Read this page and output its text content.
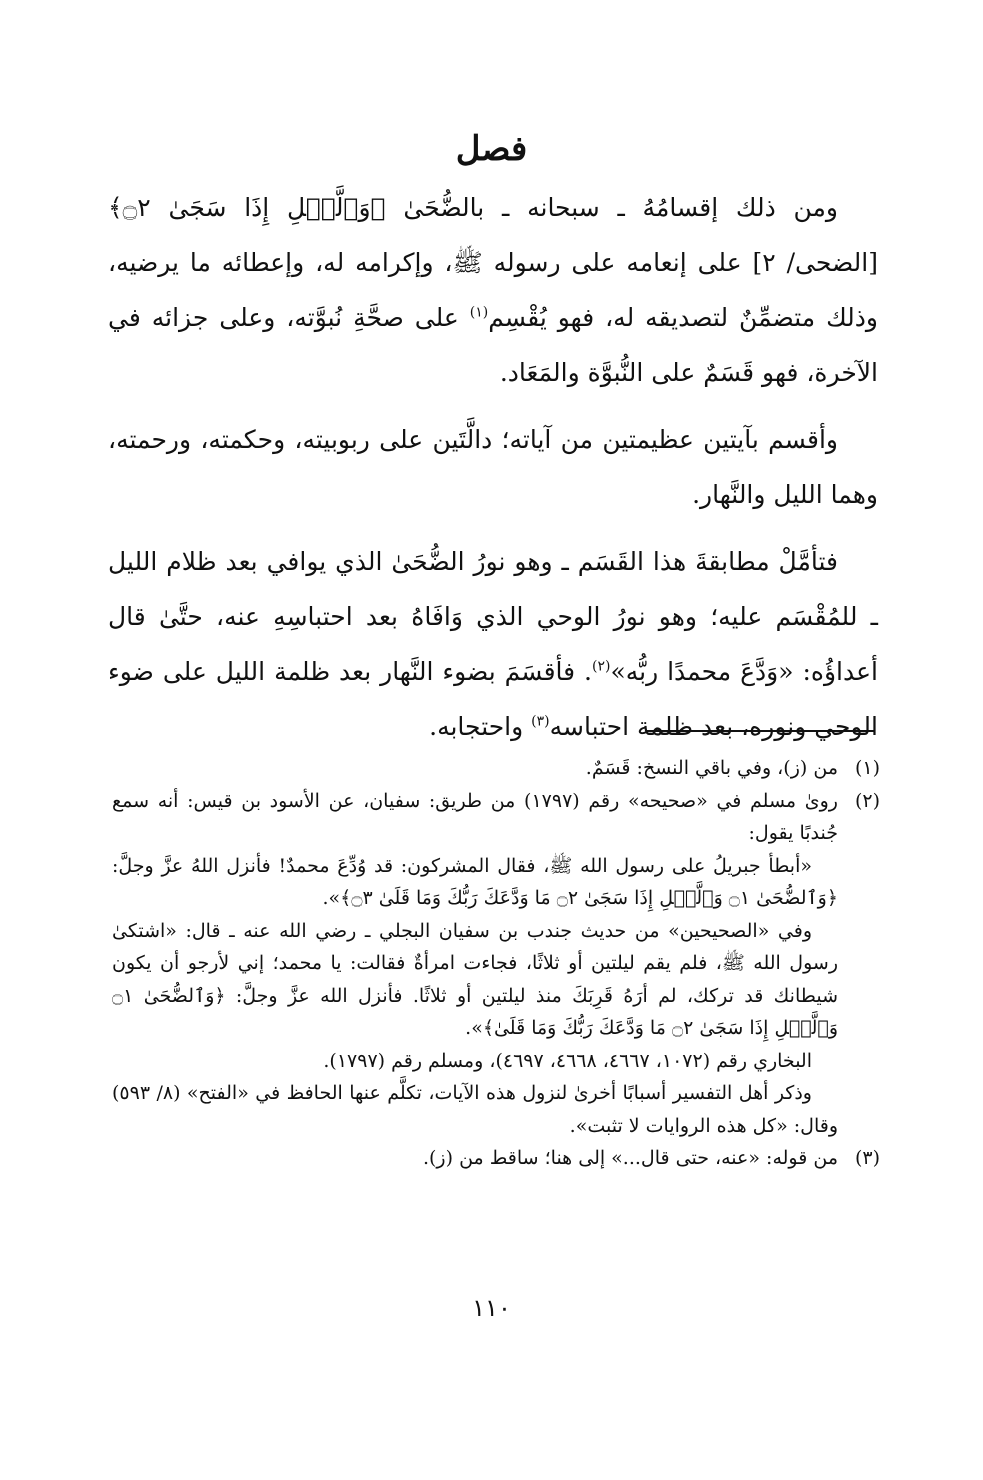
فصل

ومن ذلك إقسامُهُ ـ سبحانه ـ بالضُّحَىٰ ﴿وَٱلَّيۡلِ إِذَا سَجَىٰ ۝٢﴾ [الضحى/ ٢] على إنعامه على رسوله ﷺ، وإكرامه له، وإعطائه ما يرضيه، وذلك متضمِّنٌ لتصديقه له، فهو يُقْسِم$^{(١)}$ على صحَّةِ نُبوَّته، وعلى جزائه في الآخرة، فهو قَسَمٌ على النُّبوَّة والمَعَاد.

وأقسم بآيتين عظيمتين من آياته؛ دالَّتَين على ربوبيته، وحكمته، ورحمته، وهما الليل والنَّهار.

فتأمَّلْ مطابقةَ هذا القَسَم ـ وهو نورُ الضُّحَىٰ الذي يوافي بعد ظلام الليل ـ للمُقْسَم عليه؛ وهو نورُ الوحي الذي وَافَاهُ بعد احتباسِهِ عنه، حتَّىٰ قال أعداؤُه: «وَدَّعَ محمدًا ربُّه»$^{(٢)}$. فأقسَمَ بضوء النَّهار بعد ظلمة الليل على ضوء الوحي ونوره، بعد ظلمة احتباسه$^{(٣)}$ واحتجابه.

(١)

من (ز)، وفي باقي النسخ: قَسَمٌ.

(٢)

روىٰ مسلم في «صحيحه» رقم (١٧٩٧) من طريق: سفيان، عن الأسود بن قيس: أنه سمع جُندبًا يقول:

«أبطأ جبريلُ على رسول الله ﷺ، فقال المشركون: قد وُدِّعَ محمدٌ! فأنزل اللهُ عزَّ وجلَّ: ﴿وَٱلضُّحَىٰ ۝١ وَٱلَّيۡلِ إِذَا سَجَىٰ ۝٢ مَا وَدَّعَكَ رَبُّكَ وَمَا قَلَىٰ ۝٣﴾».

وفي «الصحيحين» من حديث جندب بن سفيان البجلي ـ رضي الله عنه ـ قال: «اشتكىٰ رسول الله ﷺ، فلم يقم ليلتين أو ثلاثًا، فجاءت امرأةٌ فقالت: يا محمد؛ إني لأرجو أن يكون شيطانك قد تركك، لم أرَهُ قَرِبَكَ منذ ليلتين أو ثلاثًا. فأنزل الله عزَّ وجلَّ: ﴿وَٱلضُّحَىٰ ۝١ وَٱلَّيۡلِ إِذَا سَجَىٰ ۝٢ مَا وَدَّعَكَ رَبُّكَ وَمَا قَلَىٰ﴾».

البخاري رقم (١٠٧٢، ٤٦٦٧، ٤٦٦٨، ٤٦٩٧)، ومسلم رقم (١٧٩٧).

وذكر أهل التفسير أسبابًا أخرىٰ لنزول هذه الآيات، تكلَّم عنها الحافظ في «الفتح» (٨/ ٥٩٣) وقال: «كل هذه الروايات لا تثبت».

(٣)

من قوله: «عنه، حتى قال...» إلى هنا؛ ساقط من (ز).

١١٠
